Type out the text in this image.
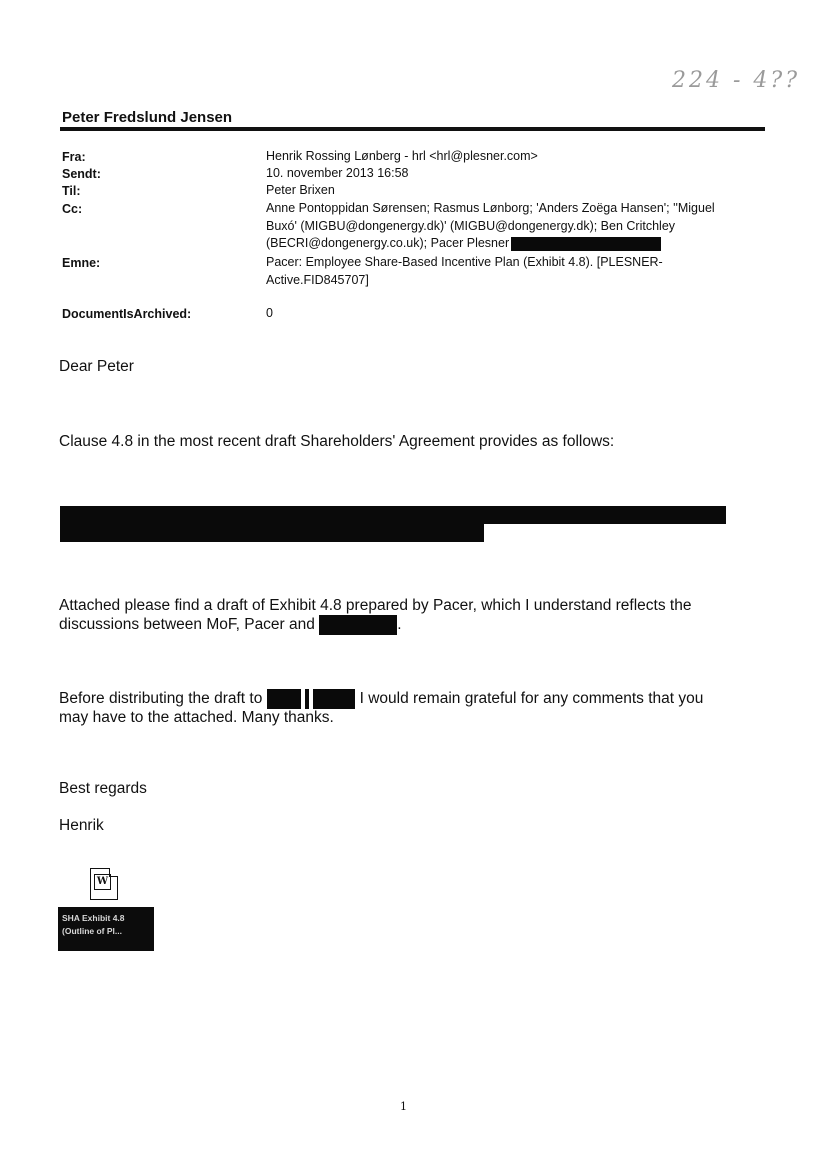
224 - 4??
Peter Fredslund Jensen
Fra:	Henrik Rossing Lønberg - hrl <hrl@plesner.com>
Sendt:	10. november 2013 16:58
Til:	Peter Brixen
Cc:	Anne Pontoppidan Sørensen; Rasmus Lønborg; 'Anders Zoëga Hansen'; ''Miguel
Buxó' (MIGBU@dongenergy.dk)' (MIGBU@dongenergy.dk); Ben Critchley
(BECRI@dongenergy.co.uk); Pacer Plesner
Emne:	Pacer: Employee Share-Based Incentive Plan (Exhibit 4.8). [PLESNER-
Active.FID845707]
DocumentIsArchived:	0
Dear Peter
Clause 4.8 in the most recent draft Shareholders' Agreement provides as follows:
Attached please find a draft of Exhibit 4.8 prepared by Pacer, which I understand reflects the
discussions between MoF, Pacer and	.
Before distributing the draft to	I would remain grateful for any comments that you
may have to the attached. Many thanks.
Best regards
Henrik
W
SHA Exhibit 4.8
(Outline of Pl...
1
